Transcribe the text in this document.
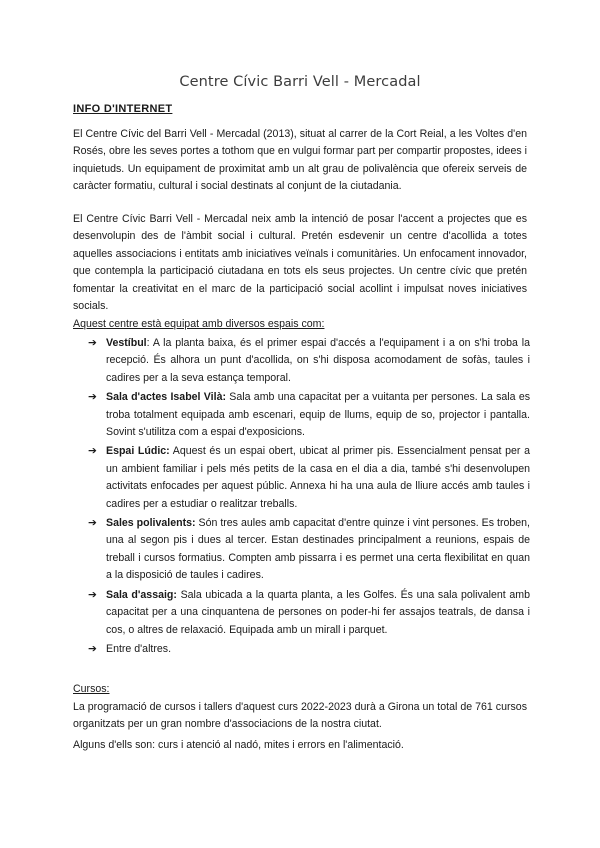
Centre Cívic Barri Vell - Mercadal
INFO D'INTERNET

El Centre Cívic del Barri Vell - Mercadal (2013), situat al carrer de la Cort Reial, a les Voltes d'en Rosés, obre les seves portes a tothom que en vulgui formar part per compartir propostes, idees i inquietuds. Un equipament de proximitat amb un alt grau de polivalència que ofereix serveis de caràcter formatiu, cultural i social destinats al conjunt de la ciutadania.

El Centre Cívic Barri Vell - Mercadal neix amb la intenció de posar l'accent a projectes que es desenvolupin des de l'àmbit social i cultural. Pretén esdevenir un centre d'acollida a totes aquelles associacions i entitats amb iniciatives veïnals i comunitàries. Un enfocament innovador, que contempla la participació ciutadana en tots els seus projectes. Un centre cívic que pretén fomentar la creativitat en el marc de la participació social acollint i impulsat noves iniciatives socials.

Aquest centre està equipat amb diversos espais com:
➔ Vestíbul: A la planta baixa, és el primer espai d'accés a l'equipament i a on s'hi troba la recepció. És alhora un punt d'acollida, on s'hi disposa acomodament de sofàs, taules i cadires per a la seva estança temporal.
➔ Sala d'actes Isabel Vilà: Sala amb una capacitat per a vuitanta per persones. La sala es troba totalment equipada amb escenari, equip de llums, equip de so, projector i pantalla. Sovint s'utilitza com a espai d'exposicions.
➔ Espai Lúdic: Aquest és un espai obert, ubicat al primer pis. Essencialment pensat per a un ambient familiar i pels més petits de la casa en el dia a dia, també s'hi desenvolupen activitats enfocades per aquest públic. Annexa hi ha una aula de lliure accés amb taules i cadires per a estudiar o realitzar treballs.
➔ Sales polivalents: Són tres aules amb capacitat d'entre quinze i vint persones. Es troben, una al segon pis i dues al tercer. Estan destinades principalment a reunions, espais de treball i cursos formatius. Compten amb pissarra i es permet una certa flexibilitat en quan a la disposició de taules i cadires.
➔ Sala d'assaig: Sala ubicada a la quarta planta, a les Golfes. És una sala polivalent amb capacitat per a una cinquantena de persones on poder-hi fer assajos teatrals, de dansa i cos, o altres de relaxació. Equipada amb un mirall i parquet.
➔ Entre d'altres.
Cursos:

La programació de cursos i tallers d'aquest curs 2022-2023 durà a Girona un total de 761 cursos organitzats per un gran nombre d'associacions de la nostra ciutat.

Alguns d'ells son: curs i atenció al nadó, mites i errors en l'alimentació.
